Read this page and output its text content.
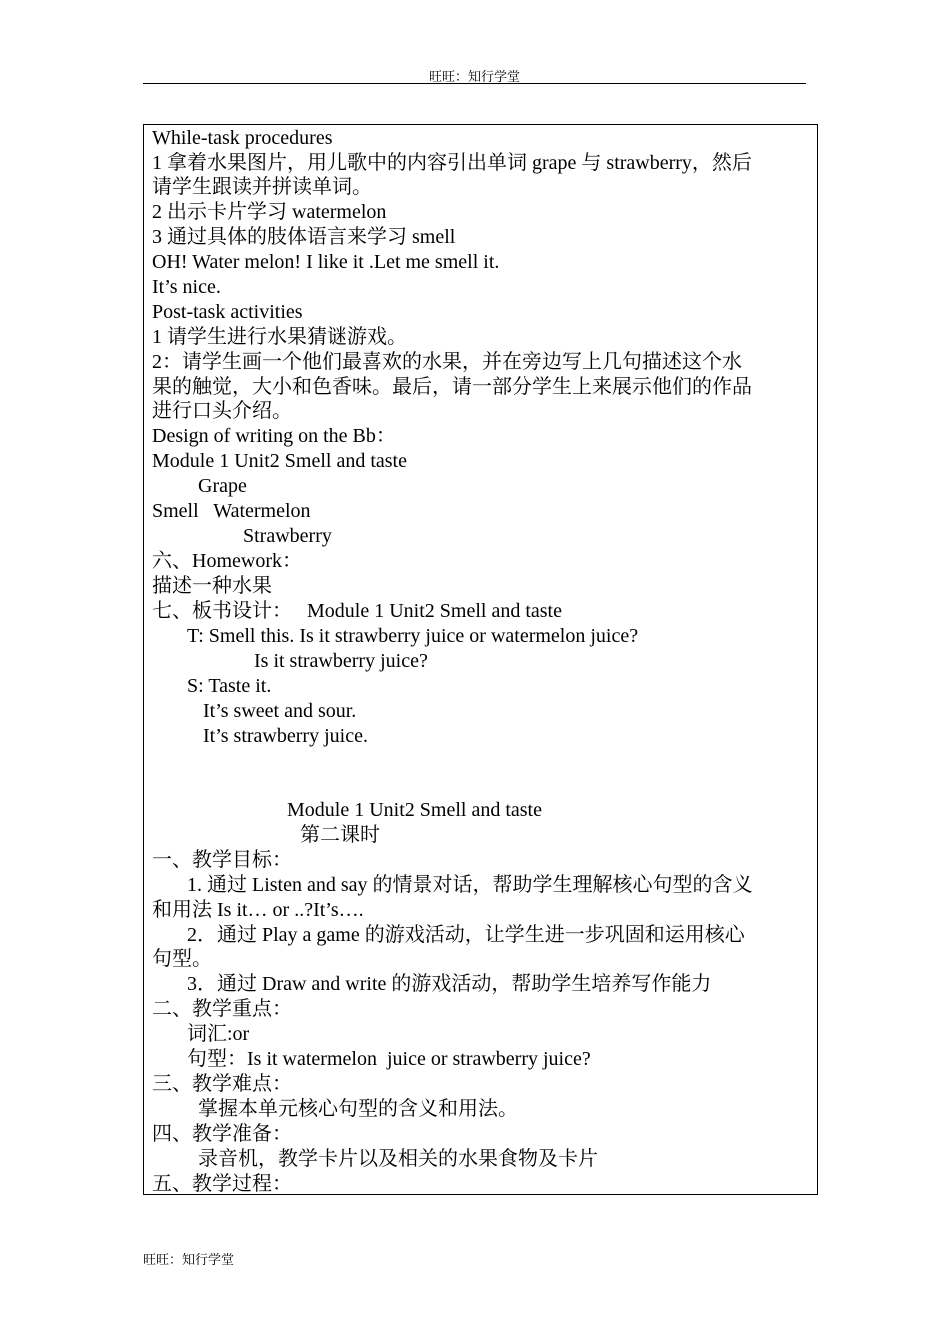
旺旺：知行学堂
While-task procedures
1 拿着水果图片，用儿歌中的内容引出单词 grape 与 strawberry，然后
请学生跟读并拼读单词。
2 出示卡片学习 watermelon
3 通过具体的肢体语言来学习 smell
OH! Water melon! I like it .Let me smell it.
It’s nice.
Post-task activities
1 请学生进行水果猜谜游戏。
2：请学生画一个他们最喜欢的水果，并在旁边写上几句描述这个水
果的触觉，大小和色香味。最后，请一部分学生上来展示他们的作品
进行口头介绍。
Design of writing on the Bb：
Module 1 Unit2 Smell and taste
Grape
Smell   Watermelon
Strawberry
六、Homework：
描述一种水果
七、板书设计：   Module 1 Unit2 Smell and taste
T: Smell this. Is it strawberry juice or watermelon juice?
Is it strawberry juice?
S: Taste it.
It’s sweet and sour.
It’s strawberry juice.
Module 1 Unit2 Smell and taste
第二课时
一、教学目标：
1. 通过 Listen and say 的情景对话，帮助学生理解核心句型的含义
和用法 Is it… or ..?It’s….
2．通过 Play a game 的游戏活动，让学生进一步巩固和运用核心
句型。
3．通过 Draw and write 的游戏活动，帮助学生培养写作能力
二、教学重点：
词汇:or
句型：Is it watermelon  juice or strawberry juice?
三、教学难点：
掌握本单元核心句型的含义和用法。
四、教学准备：
录音机，教学卡片以及相关的水果食物及卡片
五、教学过程：
旺旺：知行学堂
